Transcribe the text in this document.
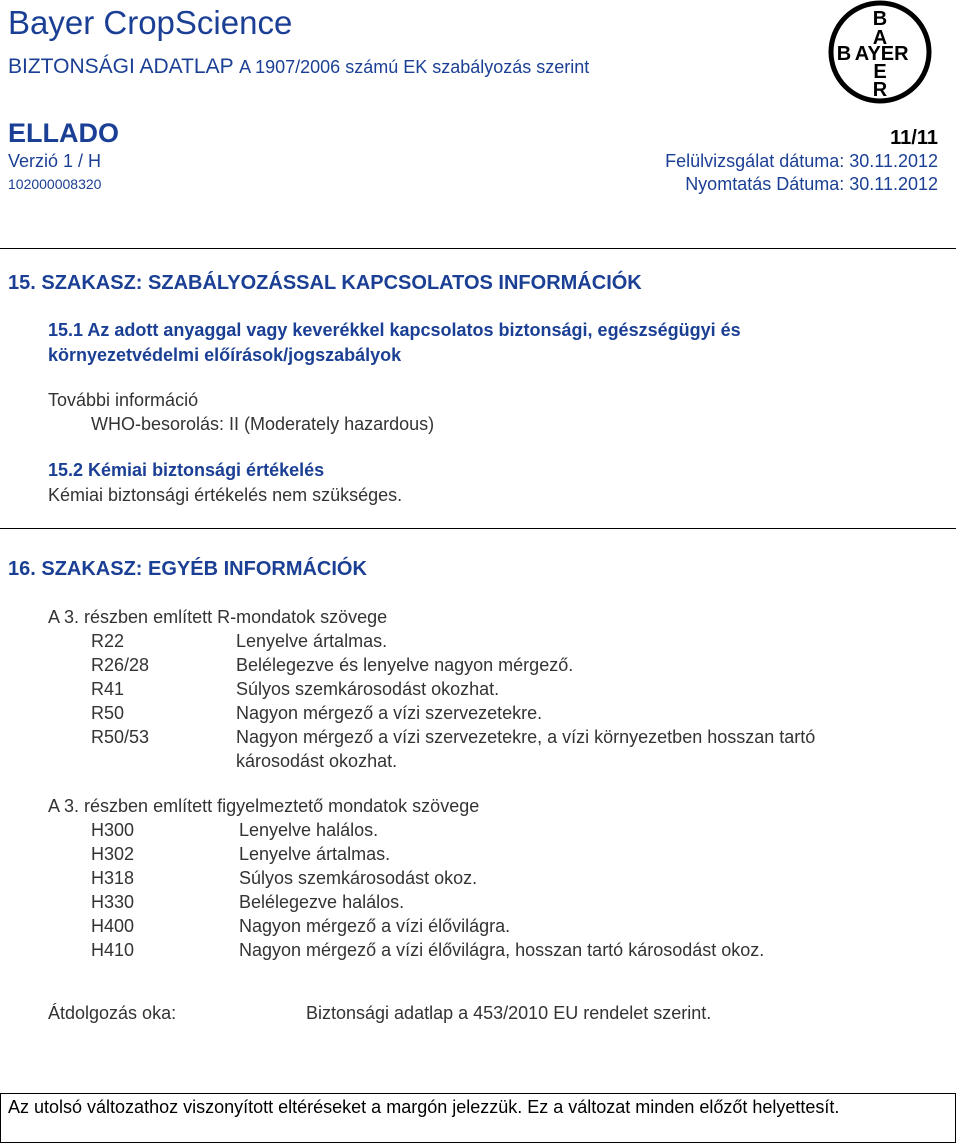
Bayer CropScience
BIZTONSÁGI ADATLAP A 1907/2006 számú EK szabályozás szerint
B
A
B YER
E
R
A
ELLADO	11/11
Verzió 1 / H	Felülvizsgálat dátuma: 30.11.2012
102000008320	Nyomtatás Dátuma: 30.11.2012
15. SZAKASZ: SZABÁLYOZÁSSAL KAPCSOLATOS INFORMÁCIÓK
15.1 Az adott anyaggal vagy keverékkel kapcsolatos biztonsági, egészségügyi és
környezetvédelmi előírások/jogszabályok
További információ
WHO-besorolás: II (Moderately hazardous)
15.2 Kémiai biztonsági értékelés
Kémiai biztonsági értékelés nem szükséges.
16. SZAKASZ: EGYÉB INFORMÁCIÓK
A 3. részben említett R-mondatok szövege
R22	Lenyelve ártalmas.
R26/28	Belélegezve és lenyelve nagyon mérgező.
R41	Súlyos szemkárosodást okozhat.
R50	Nagyon mérgező a vízi szervezetekre.
R50/53	Nagyon mérgező a vízi szervezetekre, a vízi környezetben hosszan tartó
károsodást okozhat.
A 3. részben említett figyelmeztető mondatok szövege
H300	Lenyelve halálos.
H302	Lenyelve ártalmas.
H318	Súlyos szemkárosodást okoz.
H330	Belélegezve halálos.
H400	Nagyon mérgező a vízi élővilágra.
H410	Nagyon mérgező a vízi élővilágra, hosszan tartó károsodást okoz.
Átdolgozás oka:	Biztonsági adatlap a 453/2010 EU rendelet szerint.
Az utolsó változathoz viszonyított eltéréseket a margón jelezzük. Ez a változat minden előzőt helyettesít.
